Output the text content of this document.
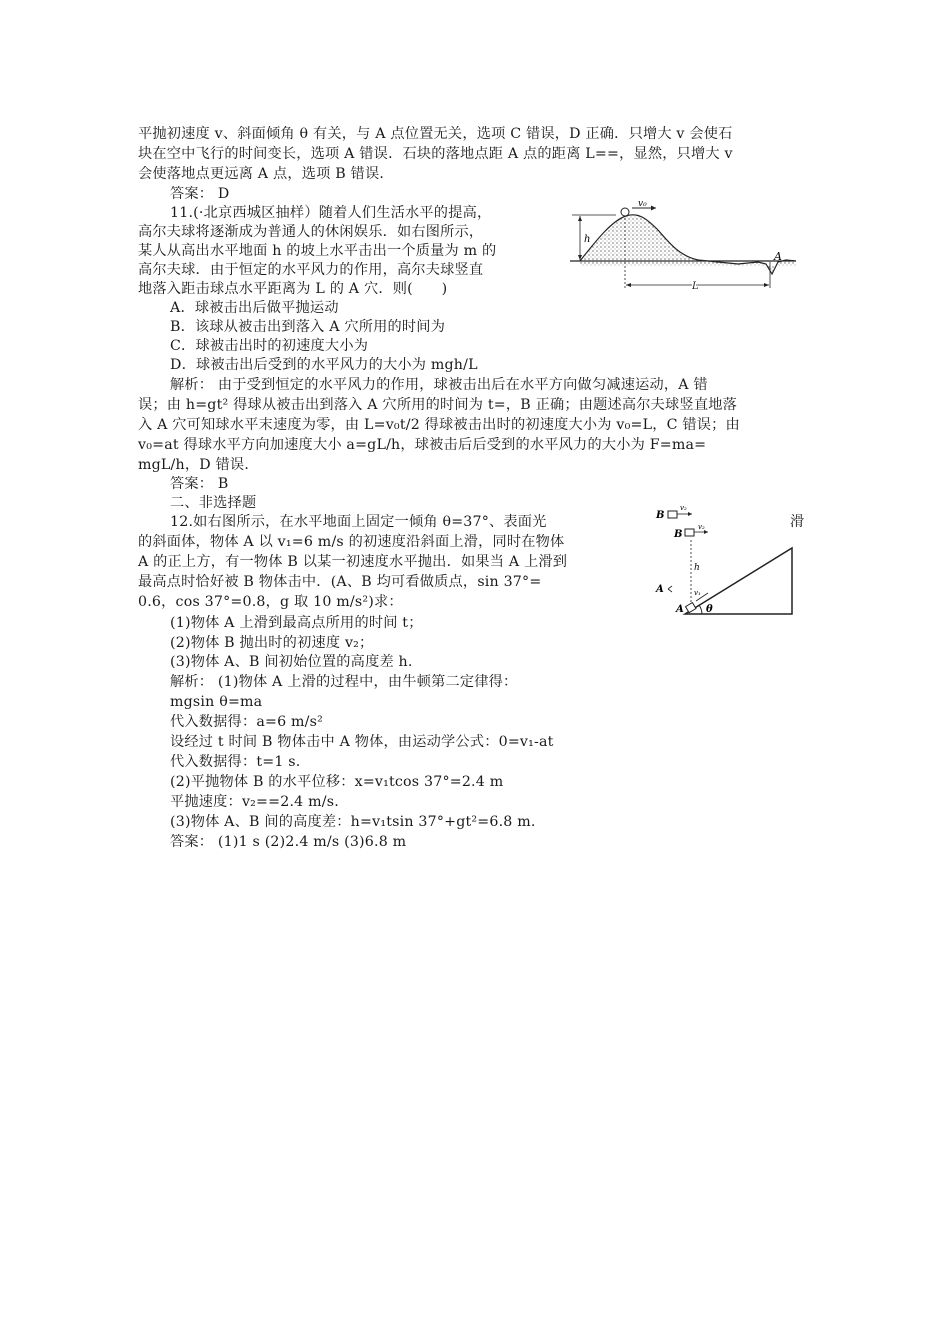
平抛初速度 v、斜面倾角 θ 有关，与 A 点位置无关，选项 C 错误，D 正确．只增大 v 会使石
块在空中飞行的时间变长，选项 A 错误．石块的落地点距 A 点的距离 L==，显然，只增大 v
会使落地点更远离 A 点，选项 B 错误．
答案： D
11.(·北京西城区抽样）随着人们生活水平的提高，
高尔夫球将逐渐成为普通人的休闲娱乐．如右图所示，
某人从高出水平地面 h 的坡上水平击出一个质量为 m 的
高尔夫球．由于恒定的水平风力的作用，高尔夫球竖直
地落入距击球点水平距离为 L 的 A 穴．则(　　)
A．球被击出后做平抛运动
B．该球从被击出到落入 A 穴所用的时间为
C．球被击出时的初速度大小为
D．球被击出后受到的水平风力的大小为 mgh/L
解析： 由于受到恒定的水平风力的作用，球被击出后在水平方向做匀减速运动，A 错
误；由 h=gt² 得球从被击出到落入 A 穴所用的时间为 t=，B 正确；由题述高尔夫球竖直地落
入 A 穴可知球水平末速度为零，由 L=v₀t/2 得球被击出时的初速度大小为 v₀=L，C 错误；由
v₀=at 得球水平方向加速度大小 a=gL/h，球被击后后受到的水平风力的大小为 F=ma=
mgL/h，D 错误．
答案： B
二、非选择题
12.如右图所示，在水平地面上固定一倾角 θ=37°、表面光	滑
的斜面体，物体 A 以 v₁=6 m/s 的初速度沿斜面上滑，同时在物体
A 的正上方，有一物体 B 以某一初速度水平抛出．如果当 A 上滑到
最高点时恰好被 B 物体击中．(A、B 均可看做质点，sin 37°=
0.6，cos 37°=0.8，g 取 10 m/s²)求：
(1)物体 A 上滑到最高点所用的时间 t；
(2)物体 B 抛出时的初速度 v₂；
(3)物体 A、B 间初始位置的高度差 h.
解析： (1)物体 A 上滑的过程中，由牛顿第二定律得：
mgsin θ=ma
代入数据得：a=6 m/s²
设经过 t 时间 B 物体击中 A 物体，由运动学公式：0=v₁-at
代入数据得：t=1 s.
(2)平抛物体 B 的水平位移：x=v₁tcos 37°=2.4 m
平抛速度：v₂==2.4 m/s.
(3)物体 A、B 间的高度差：h=v₁tsin 37°+gt²=6.8 m.
答案： (1)1 s (2)2.4 m/s (3)6.8 m
v₀
h
L
A
θ
A
v₁
h
A
B
v₂
B
v₂
